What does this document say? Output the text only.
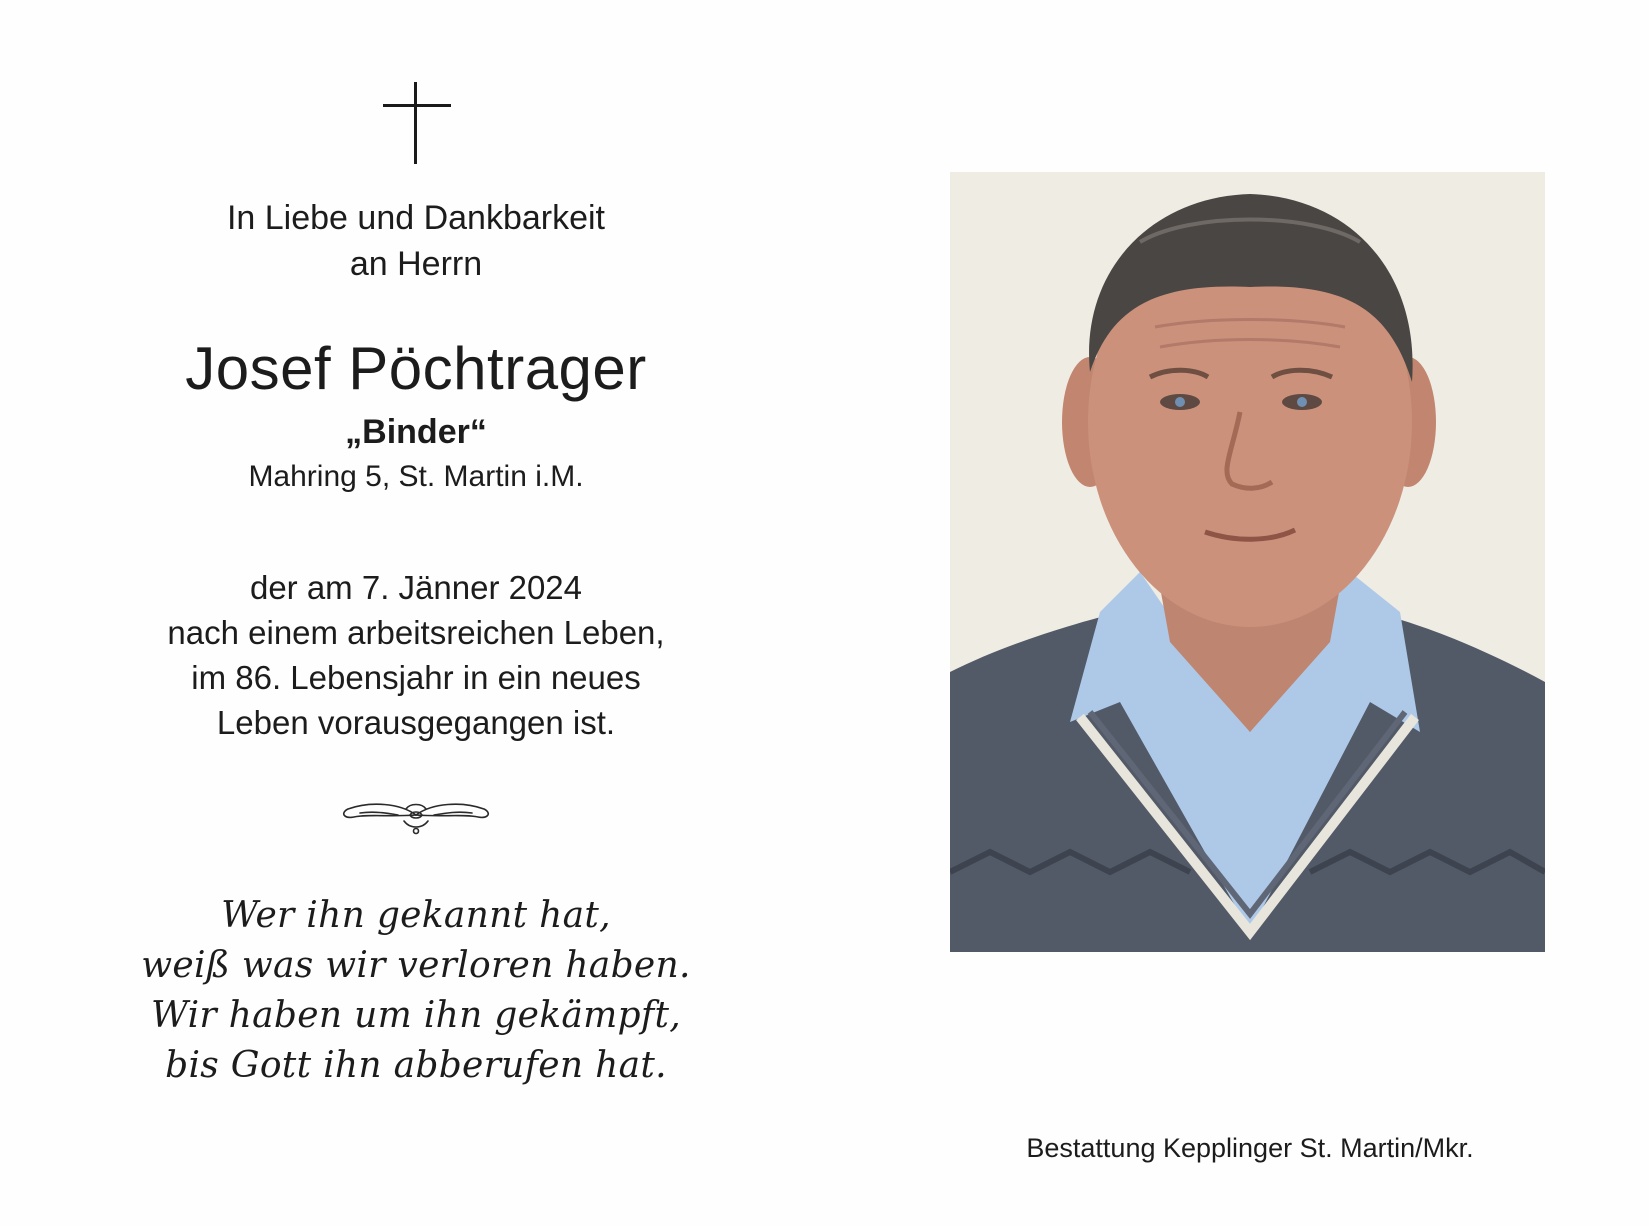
In Liebe und Dankbarkeit
an Herrn
Josef Pöchtrager
„Binder“
Mahring 5, St. Martin i.M.
der am 7. Jänner 2024
nach einem arbeitsreichen Leben,
im 86. Lebensjahr in ein neues
Leben vorausgegangen ist.
Wer ihn gekannt hat,
weiß was wir verloren haben.
Wir haben um ihn gekämpft,
bis Gott ihn abberufen hat.
Bestattung Kepplinger St. Martin/Mkr.
